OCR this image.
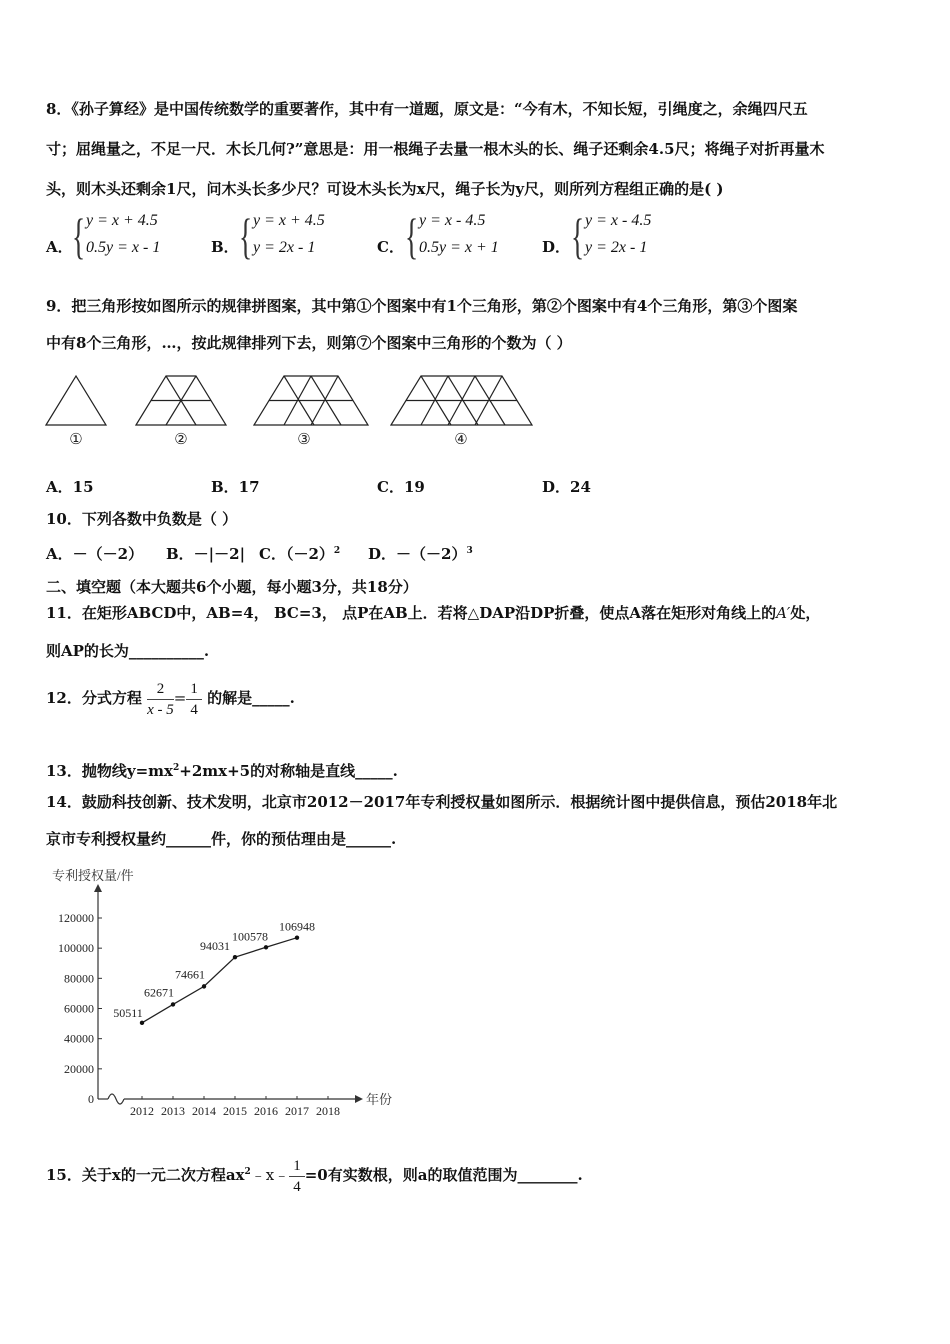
8．《孙子算经》是中国传统数学的重要著作，其中有一道题，原文是：“今有木，不知长短，引绳度之，余绳四尺五
寸；屈绳量之，不足一尺．木长几何?”意思是：用一根绳子去量一根木头的长、绳子还剩余4.5尺；将绳子对折再量木
头，则木头还剩余1尺，问木头长多少尺？可设木头长为x尺，绳子长为y尺，则所列方程组正确的是( )
A． { y = x + 4.5
0.5y = x - 1	B． { y = x + 4.5
y = 2x - 1	C． { y = x - 4.5
0.5y = x + 1	D． { y = x - 4.5
y = 2x - 1
9．把三角形按如图所示的规律拼图案，其中第①个图案中有1个三角形，第②个图案中有4个三角形，第③个图案
中有8个三角形，…，按此规律排列下去，则第⑦个图案中三角形的个数为（ ）
①	②	③	④
A．15	B．17	C．19	D．24
10．下列各数中负数是（ ）
A．－（－2） B．－|－2| C．$(-2)^2$ D．$-(-2)^3$
二、填空题（本大题共6个小题，每小题3分，共18分）
11．在矩形ABCD中，AB=4， BC=3， 点P在AB上．若将△DAP沿DP折叠，使点A落在矩形对角线上的A′处，
则AP的长为__________.
12．分式方程 $\frac{2}{x - 5} = \frac{1}{4}$ 的解是_____.
13．抛物线$y=mx^2+2mx+5$的对称轴是直线_____.
14．鼓励科技创新、技术发明，北京市2012－2017年专利授权量如图所示．根据统计图中提供信息，预估2018年北
京市专利授权量约______件，你的预估理由是______.
专利授权量/件
年份
0
20000
40000
60000
80000
100000
120000
2012 2013 2014 2015 2016 2017 2018
50511
62671
74661
94031
100578
106948
15．关于x的一元二次方程$ax^2﹣x﹣ \frac{1}{4} =0$有实数根，则a的取值范围为________.
